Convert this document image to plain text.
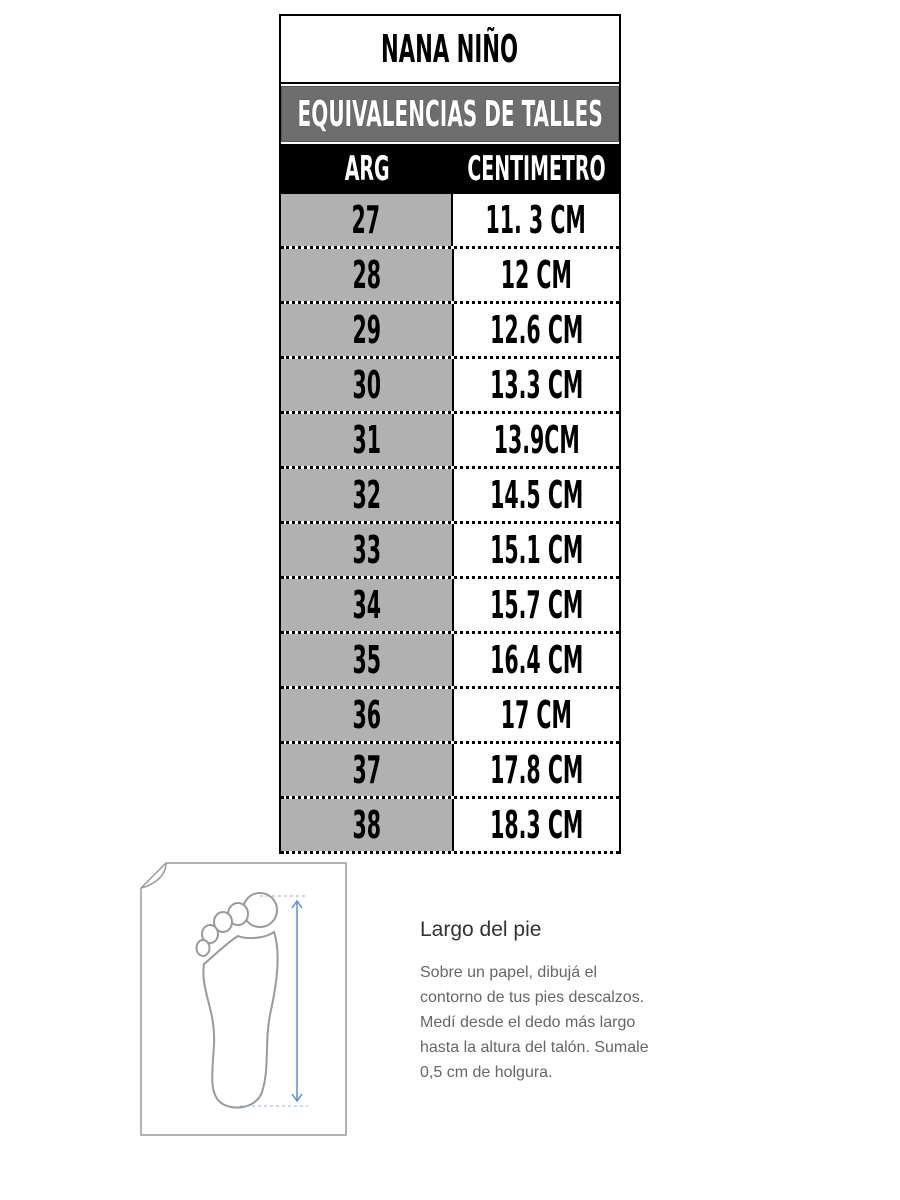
NANA NIÑO
EQUIVALENCIAS DE TALLES
ARG CENTIMETRO
27	11. 3 CM
28	12 CM
29	12.6 CM
30	13.3 CM
31	13.9CM
32	14.5 CM
33	15.1 CM
34	15.7 CM
35	16.4 CM
36	17 CM
37	17.8 CM
38	18.3 CM

Largo del pie

Sobre un papel, dibujá el
contorno de tus pies descalzos.
Medí desde el dedo más largo
hasta la altura del talón. Sumale
0,5 cm de holgura.
